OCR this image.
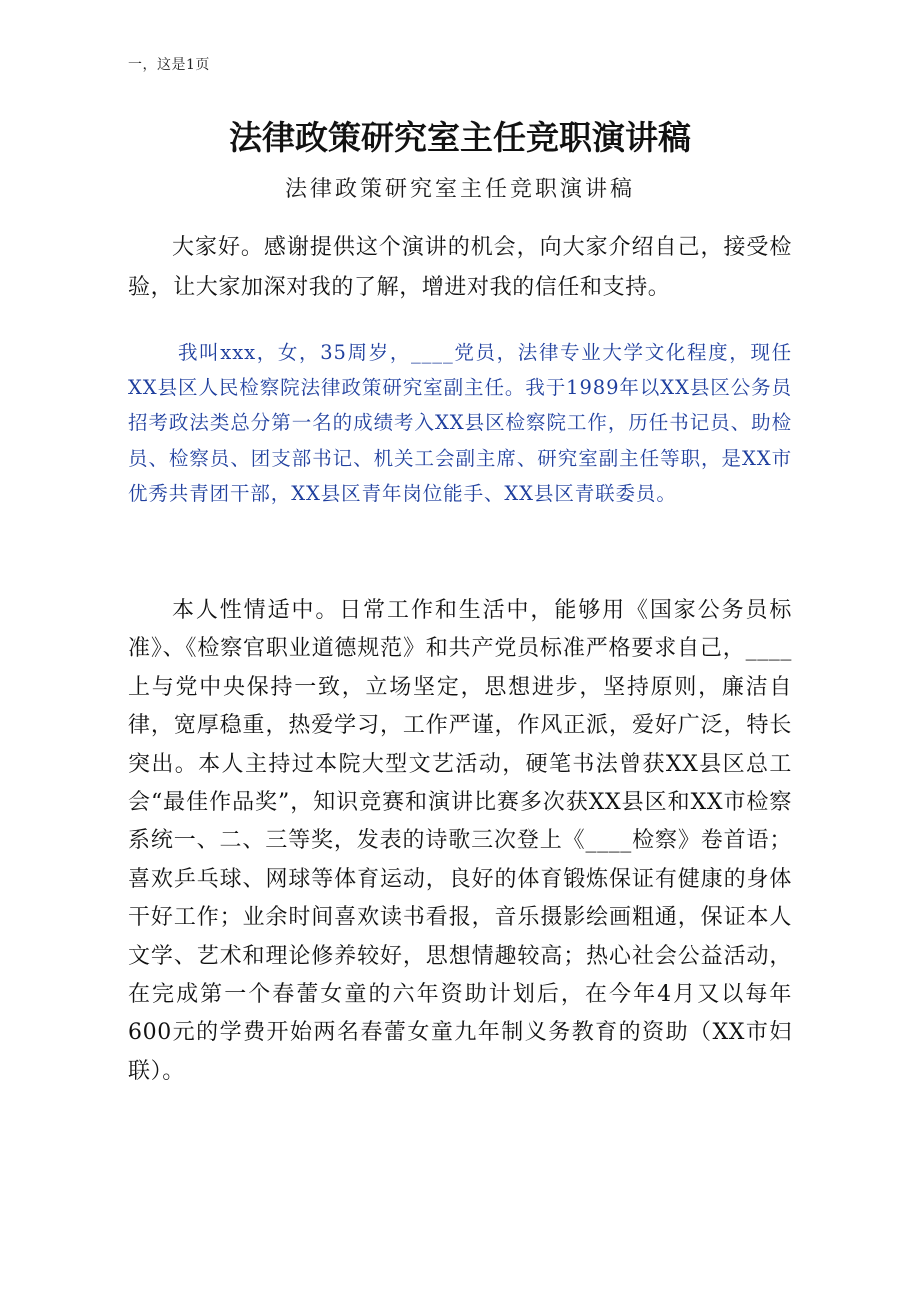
一，这是1页
法律政策研究室主任竞职演讲稿
法律政策研究室主任竞职演讲稿

大家好。感谢提供这个演讲的机会，向大家介绍自己，接受检验，让大家加深对我的了解，增进对我的信任和支持。

我叫xxx，女，35周岁，____党员，法律专业大学文化程度，现任XX县区人民检察院法律政策研究室副主任。我于1989年以XX县区公务员招考政法类总分第一名的成绩考入XX县区检察院工作，历任书记员、助检员、检察员、团支部书记、机关工会副主席、研究室副主任等职，是XX市优秀共青团干部，XX县区青年岗位能手、XX县区青联委员。

本人性情适中。日常工作和生活中，能够用《国家公务员标准》、《检察官职业道德规范》和共产党员标准严格要求自己，____上与党中央保持一致，立场坚定，思想进步，坚持原则，廉洁自律，宽厚稳重，热爱学习，工作严谨，作风正派，爱好广泛，特长突出。本人主持过本院大型文艺活动，硬笔书法曾获XX县区总工会“最佳作品奖”，知识竞赛和演讲比赛多次获XX县区和XX市检察系统一、二、三等奖，发表的诗歌三次登上《____检察》卷首语；喜欢乒乓球、网球等体育运动，良好的体育锻炼保证有健康的身体干好工作；业余时间喜欢读书看报，音乐摄影绘画粗通，保证本人文学、艺术和理论修养较好，思想情趣较高；热心社会公益活动，在完成第一个春蕾女童的六年资助计划后，在今年4月又以每年600元的学费开始两名春蕾女童九年制义务教育的资助（XX市妇联）。
